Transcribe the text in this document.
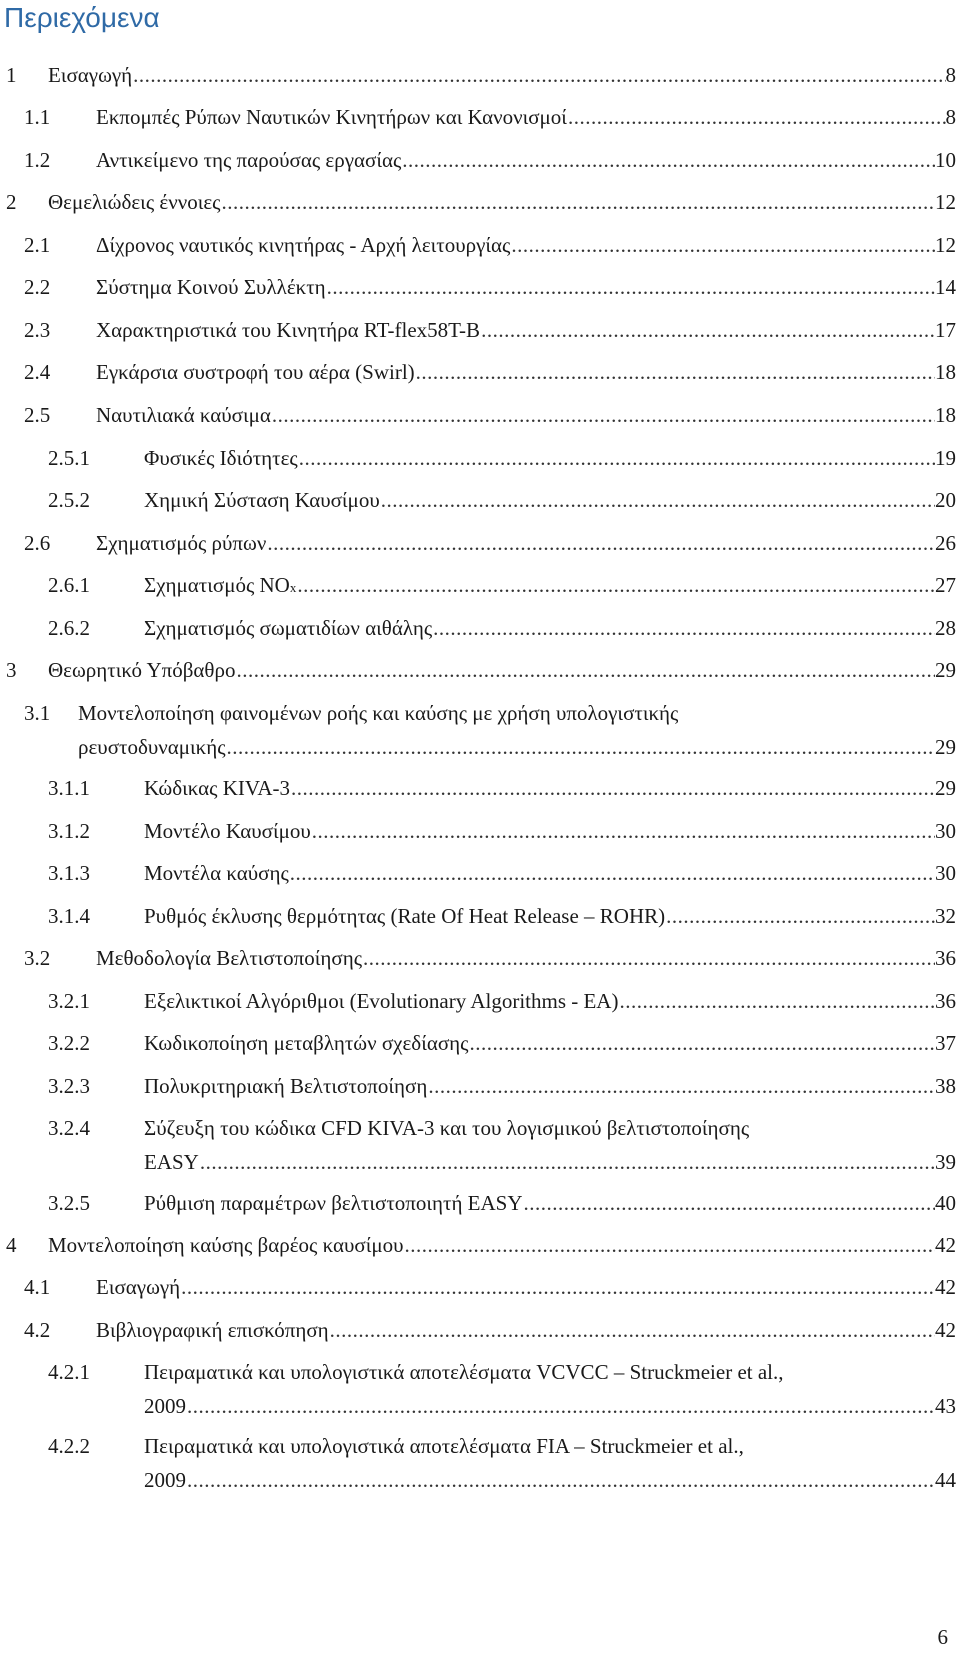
Περιεχόμενα
1 Εισαγωγή .....	8
1.1 Εκπομπές Ρύπων Ναυτικών Κινητήρων και Κανονισμοί .....	8
1.2 Αντικείμενο της παρούσας εργασίας .....	10
2 Θεμελιώδεις έννοιες .....	12
2.1 Δίχρονος ναυτικός κινητήρας - Αρχή λειτουργίας .....	12
2.2 Σύστημα Κοινού Συλλέκτη .....	14
2.3 Χαρακτηριστικά του Κινητήρα RT-flex58T-B .....	17
2.4 Εγκάρσια συστροφή του αέρα (Swirl) .....	18
2.5 Ναυτιλιακά καύσιμα .....	18
2.5.1	Φυσικές Ιδιότητες .....	19
2.5.2	Χημική Σύσταση Καυσίμου .....	20
2.6 Σχηματισμός ρύπων .....	26
2.6.1	Σχηματισμός NO x .....	27
2.6.2	Σχηματισμός σωματιδίων αιθάλης .....	28
3 Θεωρητικό Υπόβαθρο .....	29
3.1 Μοντελοποίηση φαινομένων ροής και καύσης με χρήση υπολογιστικής
ρευστοδυναμικής .....	29
3.1.1	Κώδικας KIVA-3 .....	29
3.1.2	Μοντέλο Καυσίμου .....	30
3.1.3	Μοντέλα καύσης .....	30
3.1.4	Ρυθμός έκλυσης θερμότητας (Rate Of Heat Release – ROHR) .....	32
3.2 Μεθοδολογία Βελτιστοποίησης .....	36
3.2.1	Εξελικτικοί Αλγόριθμοι (Evolutionary Algorithms - EA) .....	36
3.2.2	Κωδικοποίηση μεταβλητών σχεδίασης .....	37
3.2.3	Πολυκριτηριακή Βελτιστοποίηση .....	38
3.2.4	Σύζευξη του κώδικα CFD KIVA-3 και του λογισμικού βελτιστοποίησης
EASY .....	39
3.2.5	Ρύθμιση παραμέτρων βελτιστοποιητή EASY .....	40
4 Μοντελοποίηση καύσης βαρέος καυσίμου .....	42
4.1 Εισαγωγή .....	42
4.2 Βιβλιογραφική επισκόπηση .....	42
4.2.1	Πειραματικά και υπολογιστικά αποτελέσματα VCVCC – Struckmeier et al.,
2009 .....	43
4.2.2	Πειραματικά και υπολογιστικά αποτελέσματα FIA – Struckmeier et al.,
2009 .....	44
6
